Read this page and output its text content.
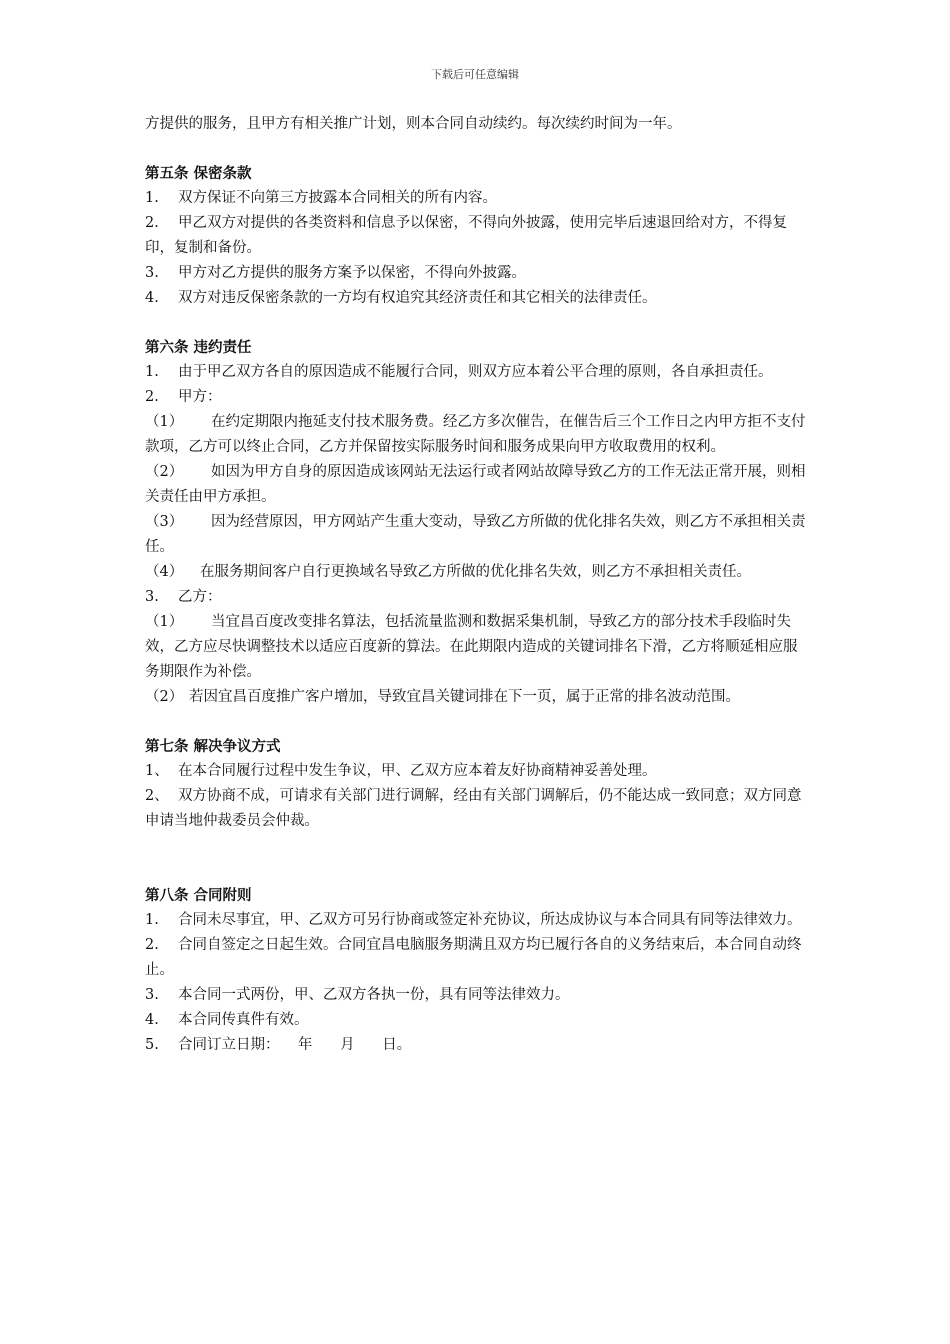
下载后可任意编辑

方提供的服务，且甲方有相关推广计划，则本合同自动续约。每次续约时间为一年。

第五条 保密条款

1. 双方保证不向第三方披露本合同相关的所有内容。

2. 甲乙双方对提供的各类资料和信息予以保密，不得向外披露，使用完毕后速退回给对方，不得复印，复制和备份。

3. 甲方对乙方提供的服务方案予以保密，不得向外披露。

4. 双方对违反保密条款的一方均有权追究其经济责任和其它相关的法律责任。

第六条 违约责任

1.	由于甲乙双方各自的原因造成不能履行合同，则双方应本着公平合理的原则，各自承担责任。
2.	甲方：

（1） 在约定期限内拖延支付技术服务费。经乙方多次催告，在催告后三个工作日之内甲方拒不支付款项，乙方可以终止合同，乙方并保留按实际服务时间和服务成果向甲方收取费用的权利。

（2） 如因为甲方自身的原因造成该网站无法运行或者网站故障导致乙方的工作无法正常开展，则相关责任由甲方承担。

（3） 因为经营原因，甲方网站产生重大变动，导致乙方所做的优化排名失效，则乙方不承担相关责任。

（4） 在服务期间客户自行更换域名导致乙方所做的优化排名失效，则乙方不承担相关责任。

3.	乙方：

（1） 当宜昌百度改变排名算法，包括流量监测和数据采集机制，导致乙方的部分技术手段临时失效，乙方应尽快调整技术以适应百度新的算法。在此期限内造成的关键词排名下滑，乙方将顺延相应服务期限作为补偿。

（2） 若因宜昌百度推广客户增加，导致宜昌关键词排在下一页，属于正常的排名波动范围。

第七条 解决争议方式

1、 在本合同履行过程中发生争议，甲、乙双方应本着友好协商精神妥善处理。

2、 双方协商不成，可请求有关部门进行调解，经由有关部门调解后，仍不能达成一致同意；双方同意申请当地仲裁委员会仲裁。

第八条 合同附则

1. 合同未尽事宜，甲、乙双方可另行协商或签定补充协议，所达成协议与本合同具有同等法律效力。

2. 合同自签定之日起生效。合同宜昌电脑服务期满且双方均已履行各自的义务结束后，本合同自动终止。

3. 本合同一式两份，甲、乙双方各执一份，具有同等法律效力。

4. 本合同传真件有效。

5. 合同订立日期：    年      月      日。
